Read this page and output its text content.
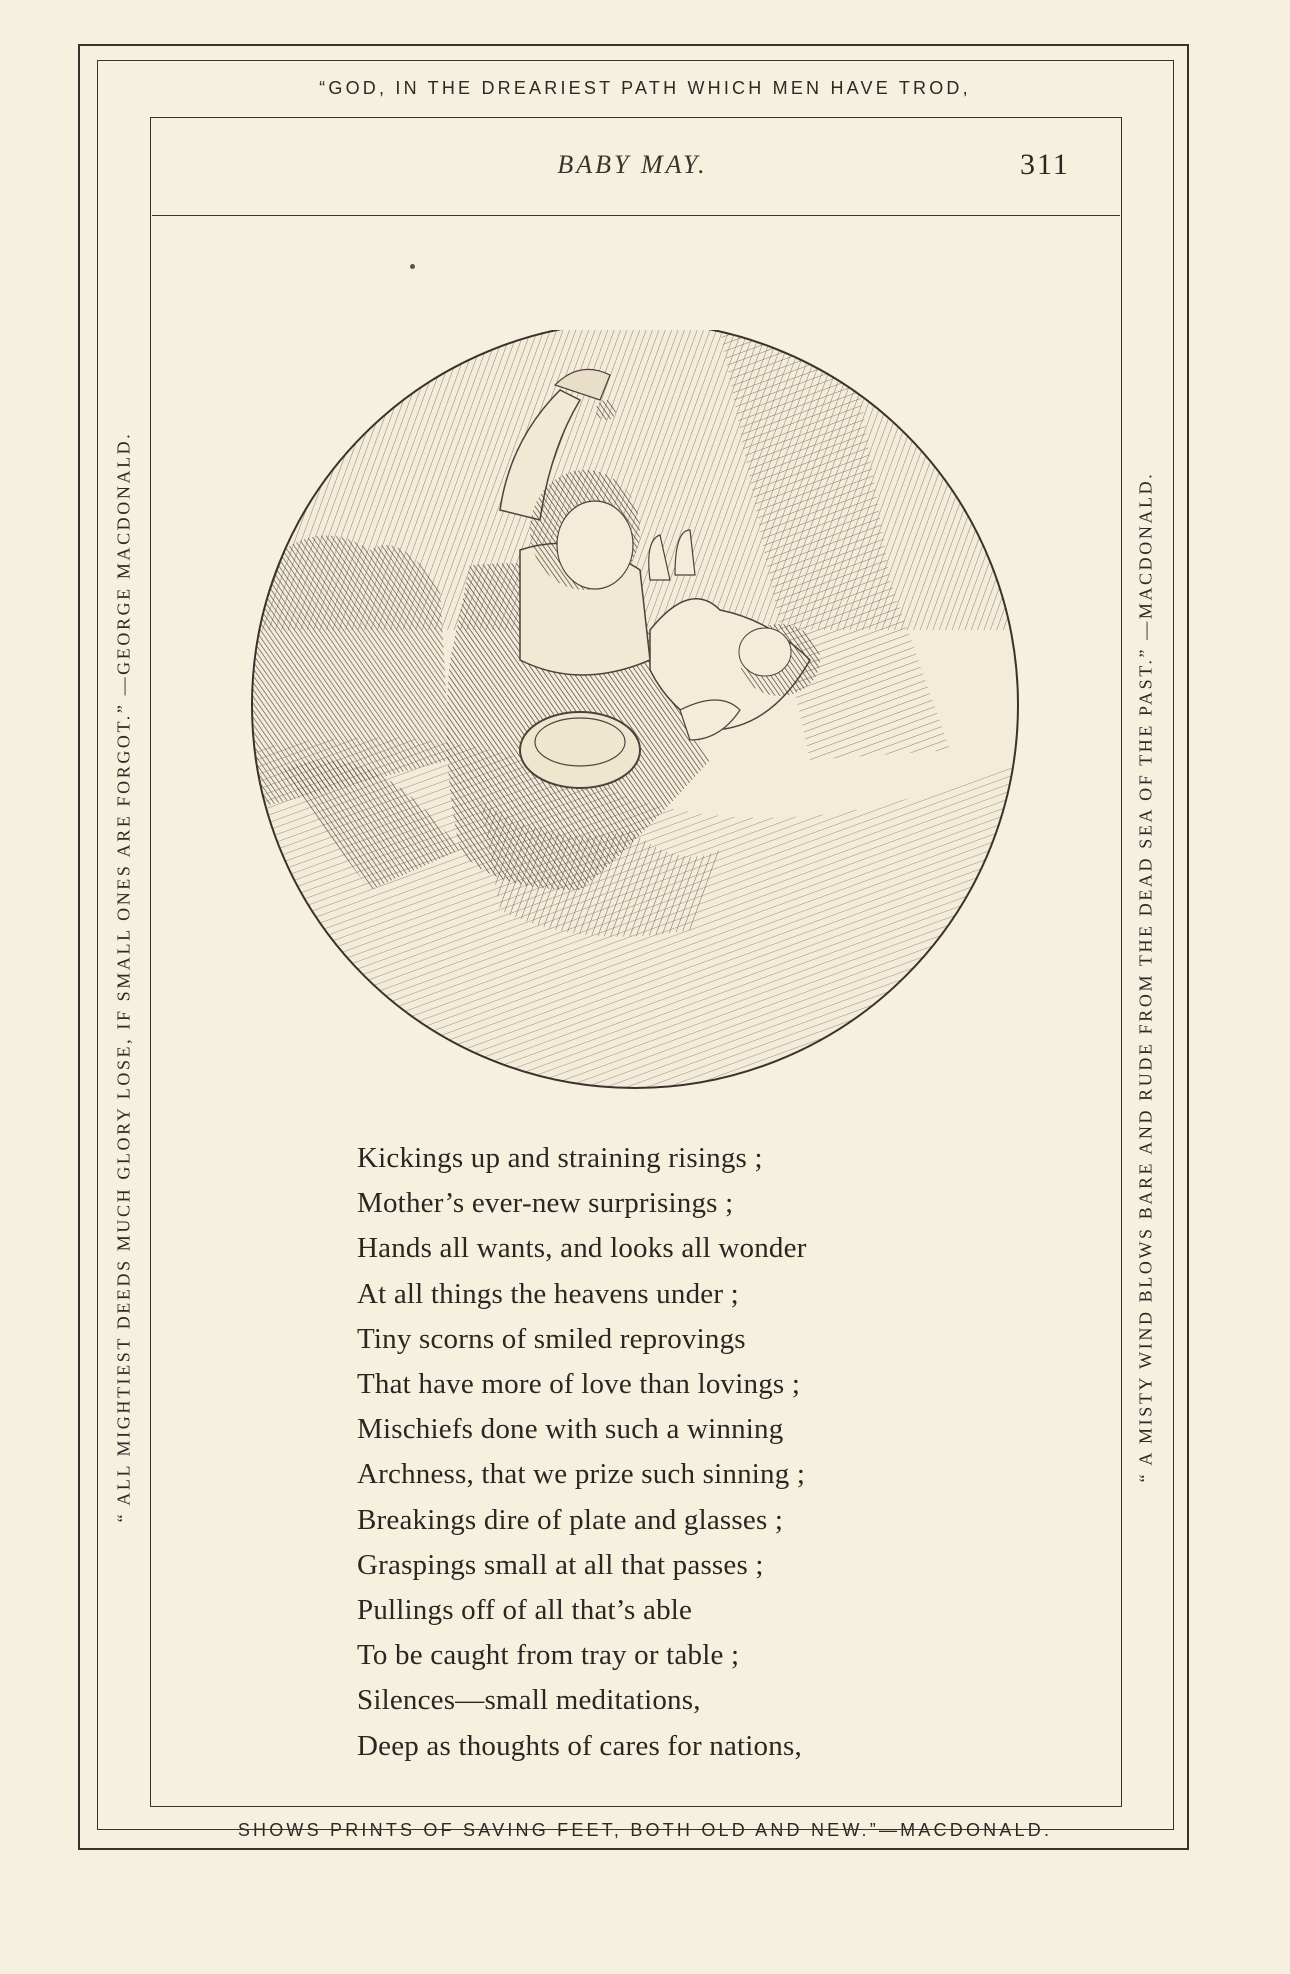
“GOD, IN THE DREARIEST PATH WHICH MEN HAVE TROD,
SHOWS PRINTS OF SAVING FEET, BOTH OLD AND NEW.”—MACDONALD.
“ ALL MIGHTIEST DEEDS MUCH GLORY LOSE, IF SMALL ONES ARE FORGOT.” —GEORGE MACDONALD.	“ A MISTY WIND BLOWS BARE AND RUDE FROM THE DEAD SEA OF THE PAST.” —MACDONALD.
BABY MAY.	311
Kickings up and straining risings ;
Mother’s ever-new surprisings ;
Hands all wants, and looks all wonder
At all things the heavens under ;
Tiny scorns of smiled reprovings
That have more of love than lovings ;
Mischiefs done with such a winning
Archness, that we prize such sinning ;
Breakings dire of plate and glasses ;
Graspings small at all that passes ;
Pullings off of all that’s able
To be caught from tray or table ;
Silences—small meditations,
Deep as thoughts of cares for nations,
